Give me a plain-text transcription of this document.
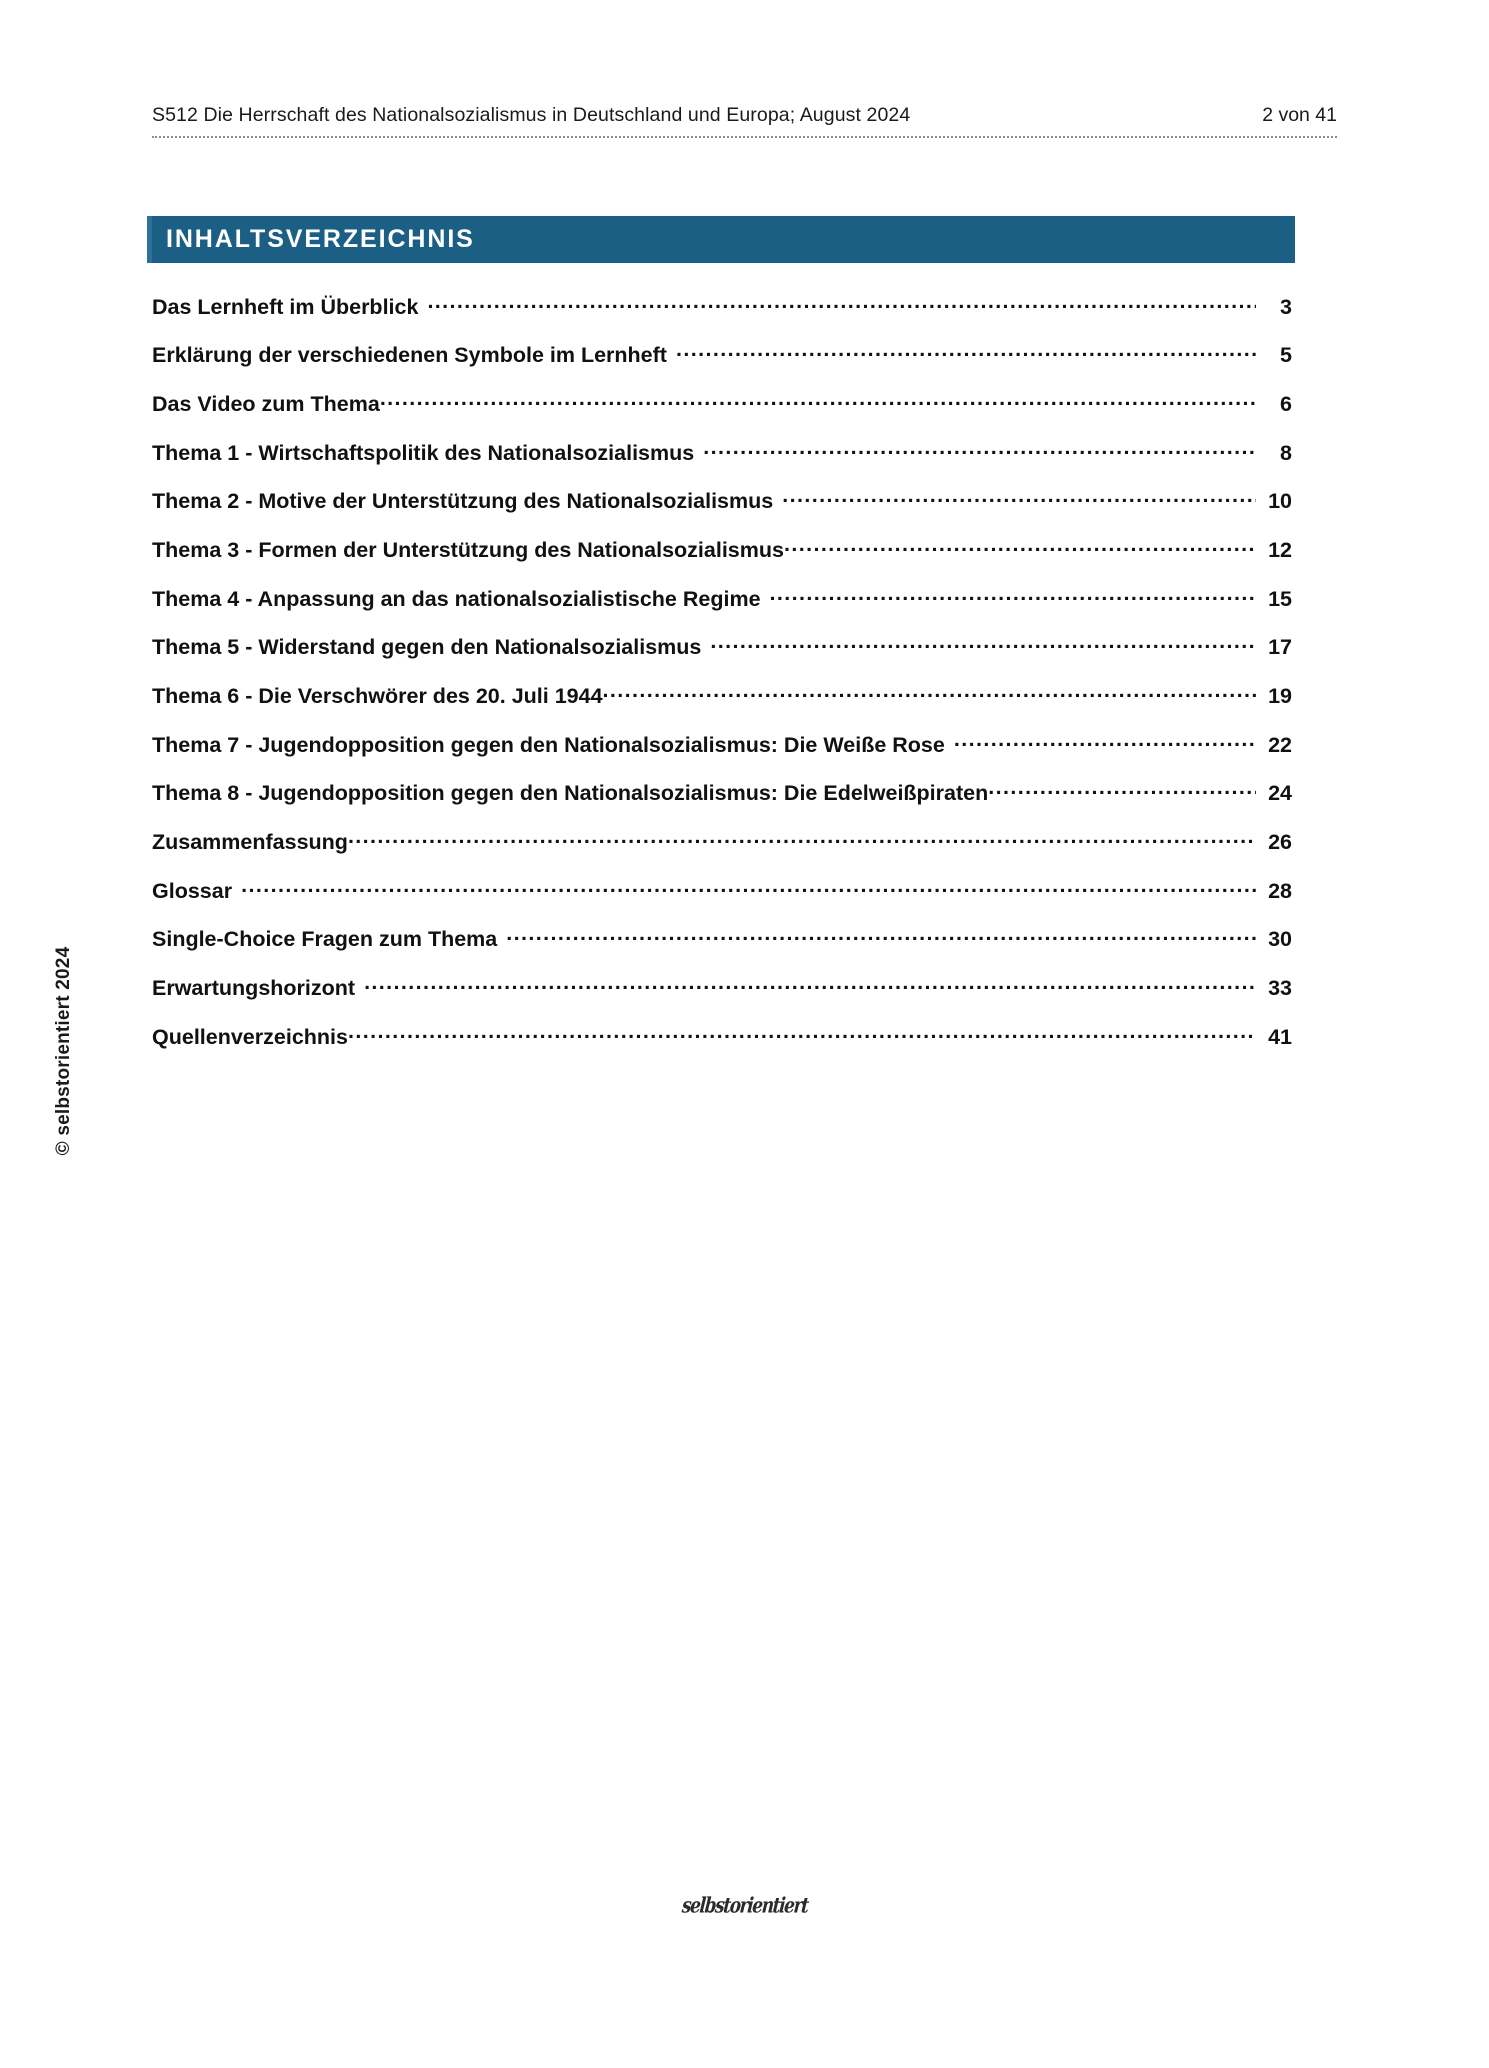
S512 Die Herrschaft des Nationalsozialismus in Deutschland und Europa; August 2024	2 von 41
INHALTSVERZEICHNIS
Das Lernheft im Überblick .....	3
Erklärung der verschiedenen Symbole im Lernheft .....	5
Das Video zum Thema .....	6
Thema 1 - Wirtschaftspolitik des Nationalsozialismus .....	8
Thema 2 - Motive der Unterstützung des Nationalsozialismus .....	10
Thema 3 - Formen der Unterstützung des Nationalsozialismus .....	12
Thema 4 - Anpassung an das nationalsozialistische Regime .....	15
Thema 5 - Widerstand gegen den Nationalsozialismus .....	17
Thema 6 - Die Verschwörer des 20. Juli 1944 .....	19
Thema 7 - Jugendopposition gegen den Nationalsozialismus: Die Weiße Rose .....	22
Thema 8 - Jugendopposition gegen den Nationalsozialismus: Die Edelweißpiraten .....	24
Zusammenfassung .....	26
Glossar .....	28
Single-Choice Fragen zum Thema .....	30
Erwartungshorizont .....	33
Quellenverzeichnis .....	41
© selbstorientiert 2024
selbstorientiert
